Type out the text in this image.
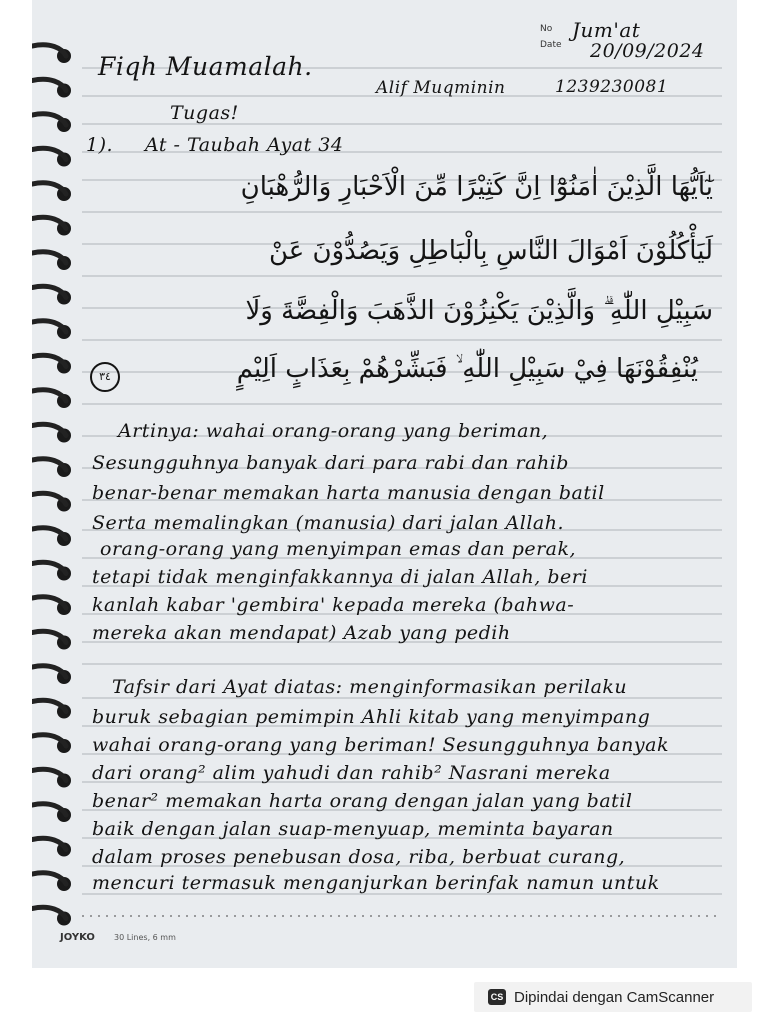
No
Date
Jum'at
20/09/2024
Fiqh Muamalah.
Alif Muqminin	1239230081
Tugas!
1). At - Taubah Ayat 34
يٰٓاَيُّهَا الَّذِيْنَ اٰمَنُوْٓا اِنَّ كَثِيْرًا مِّنَ الْاَحْبَارِ وَالرُّهْبَانِ
لَيَأْكُلُوْنَ اَمْوَالَ النَّاسِ بِالْبَاطِلِ وَيَصُدُّوْنَ عَنْ
سَبِيْلِ اللّٰهِ ۗ وَالَّذِيْنَ يَكْنِزُوْنَ الذَّهَبَ وَالْفِضَّةَ وَلَا
يُنْفِقُوْنَهَا فِيْ سَبِيْلِ اللّٰهِ ۙ فَبَشِّرْهُمْ بِعَذَابٍ اَلِيْمٍ
٣٤
Artinya: wahai orang-orang yang beriman,
Sesungguhnya banyak dari para rabi dan rahib
benar-benar memakan harta manusia dengan batil
Serta memalingkan (manusia) dari jalan Allah.
orang-orang yang menyimpan emas dan perak,
tetapi tidak menginfakkannya di jalan Allah, beri
kanlah kabar 'gembira' kepada mereka (bahwa-
mereka akan mendapat) Azab yang pedih
Tafsir dari Ayat diatas: menginformasikan perilaku
buruk sebagian pemimpin Ahli kitab yang menyimpang
wahai orang-orang yang beriman! Sesungguhnya banyak
dari orang² alim yahudi dan rahib² Nasrani mereka
benar² memakan harta orang dengan jalan yang batil
baik dengan jalan suap-menyuap, meminta bayaran
dalam proses penebusan dosa, riba, berbuat curang,
mencuri termasuk menganjurkan berinfak namun untuk
JOYKO 30 Lines, 6 mm
CS Dipindai dengan CamScanner
